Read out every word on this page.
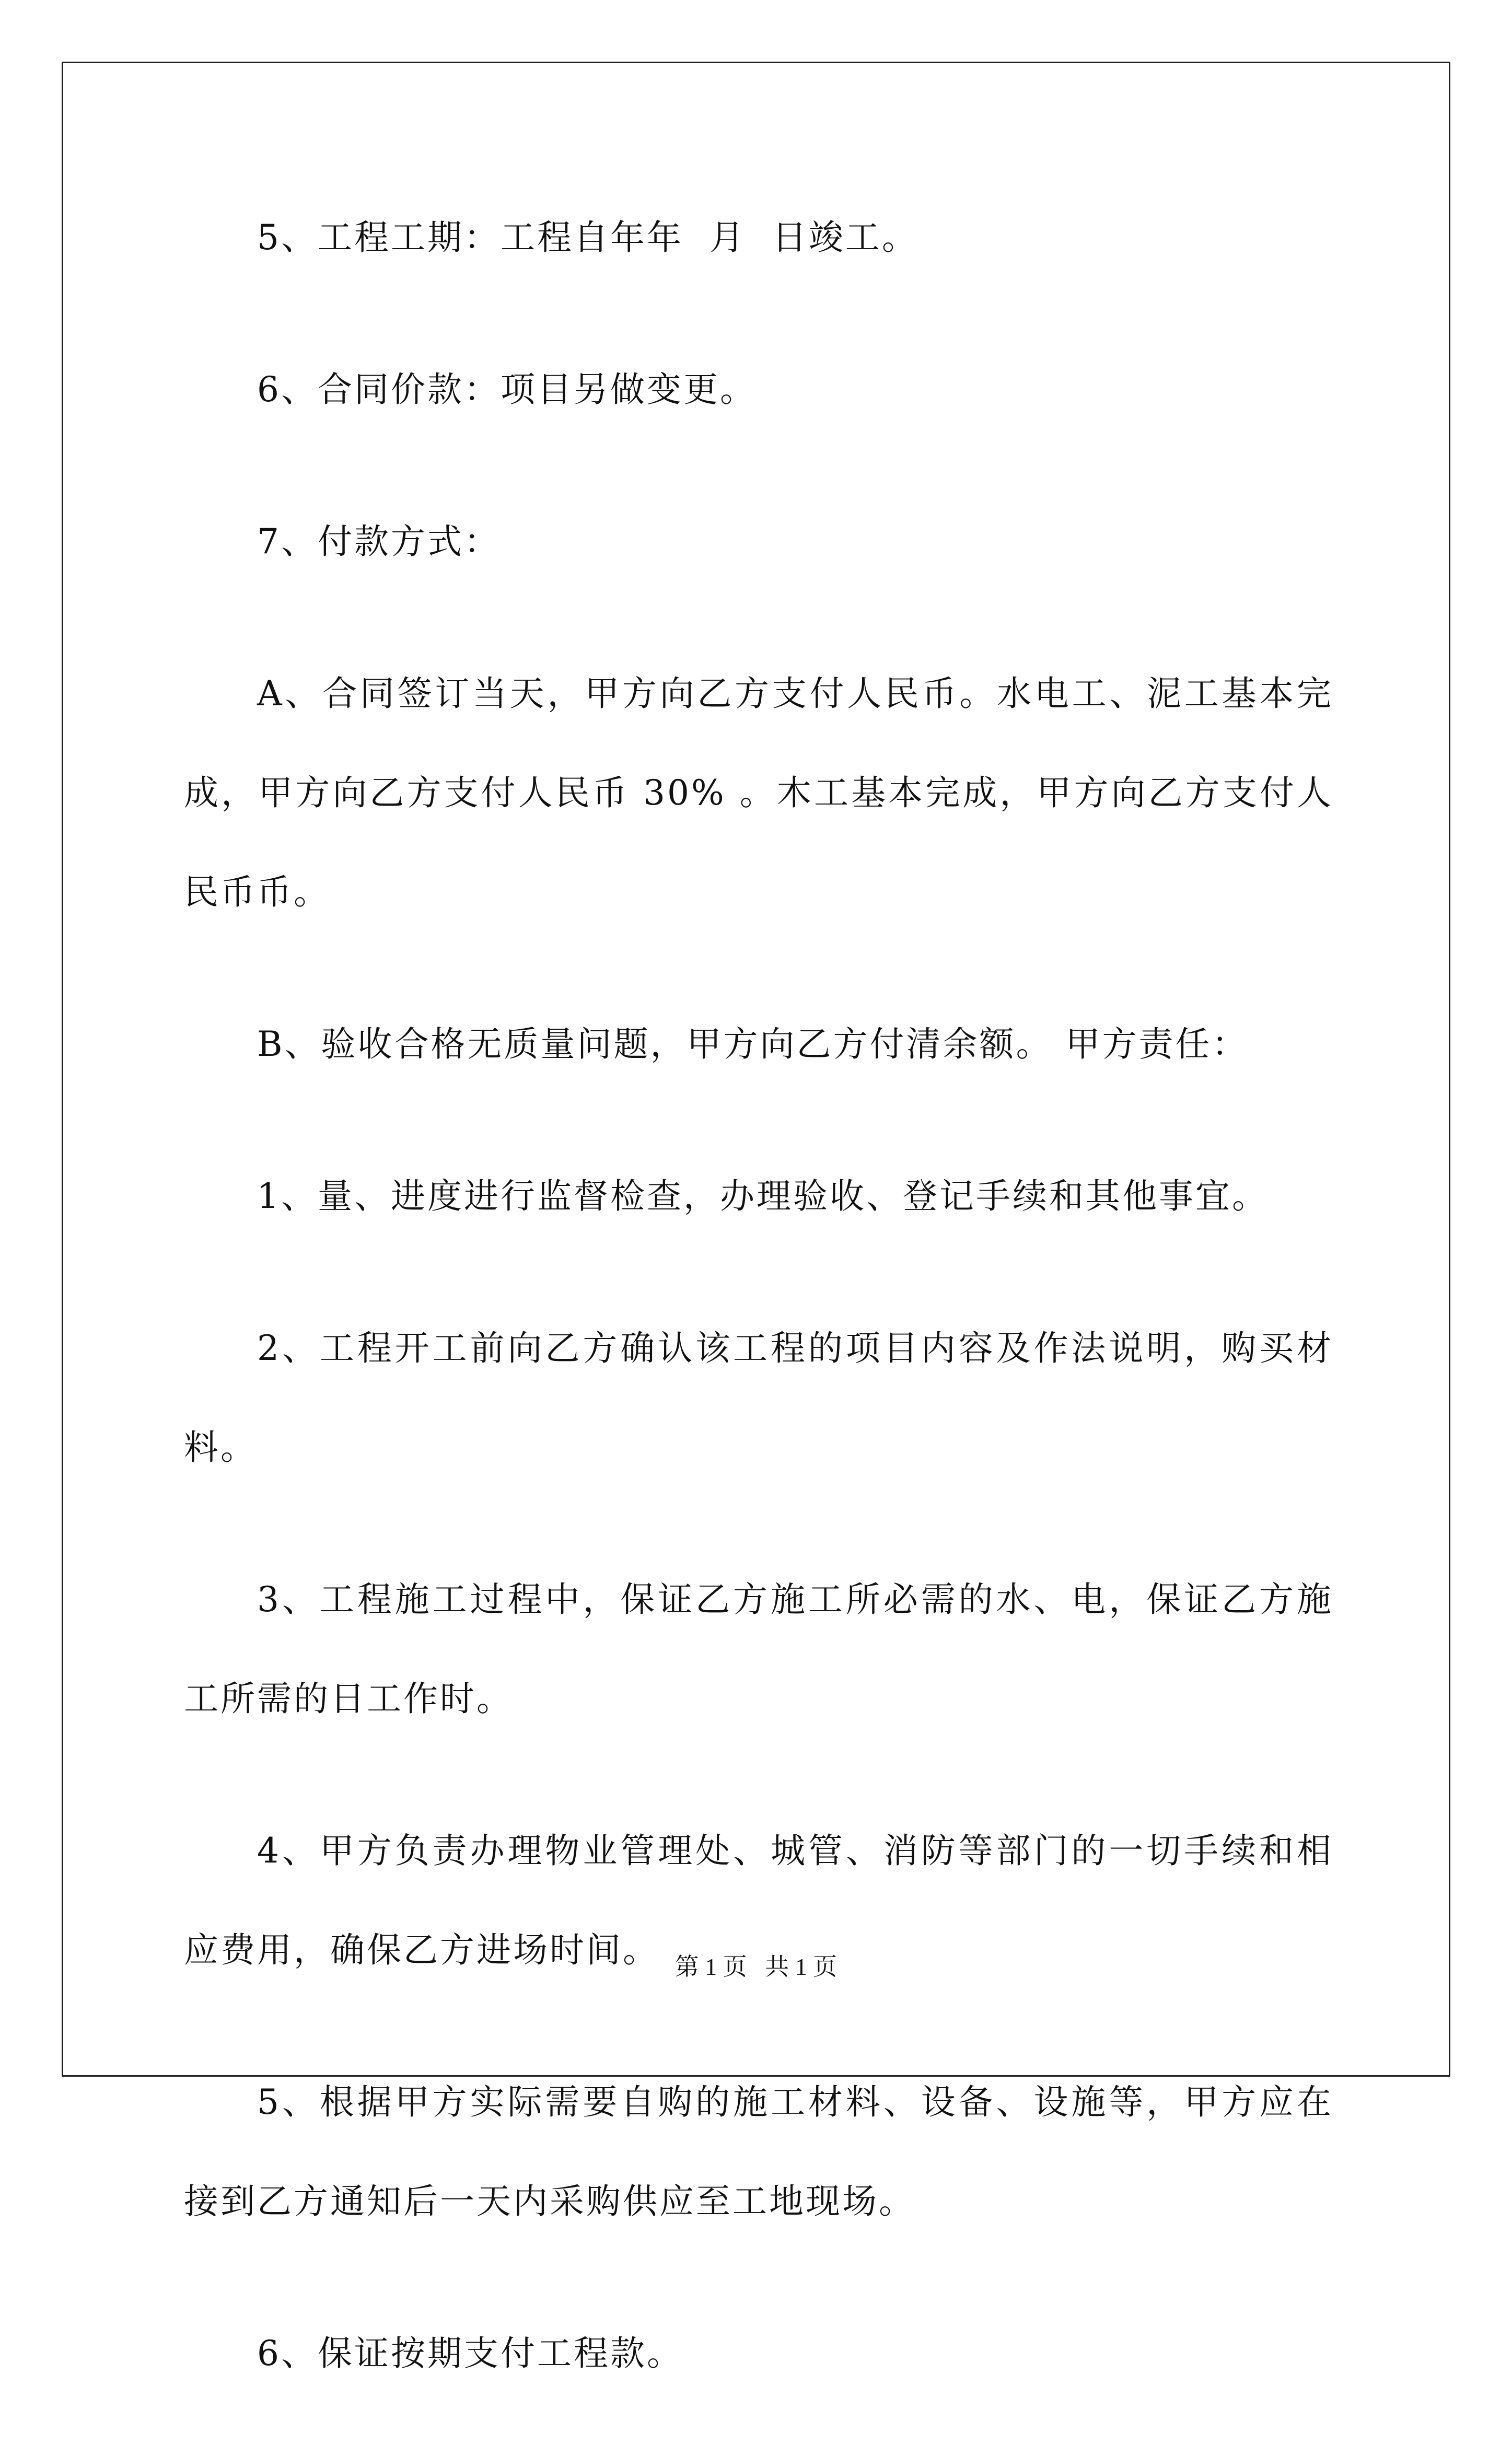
5、工程工期：工程自年年  月  日竣工。

6、合同价款：项目另做变更。

7、付款方式：

A、合同签订当天，甲方向乙方支付人民币。水电工、泥工基本完成，甲方向乙方支付人民币 30% 。木工基本完成，甲方向乙方支付人民币币。

B、验收合格无质量问题，甲方向乙方付清余额。 甲方责任：

1、量、进度进行监督检查，办理验收、登记手续和其他事宜。

2、工程开工前向乙方确认该工程的项目内容及作法说明，购买材料。

3、工程施工过程中，保证乙方施工所必需的水、电，保证乙方施工所需的日工作时。

4、甲方负责办理物业管理处、城管、消防等部门的一切手续和相应费用，确保乙方进场时间。

5、根据甲方实际需要自购的施工材料、设备、设施等，甲方应在接到乙方通知后一天内采购供应至工地现场。

6、保证按期支付工程款。

第 1 页   共 1 页
